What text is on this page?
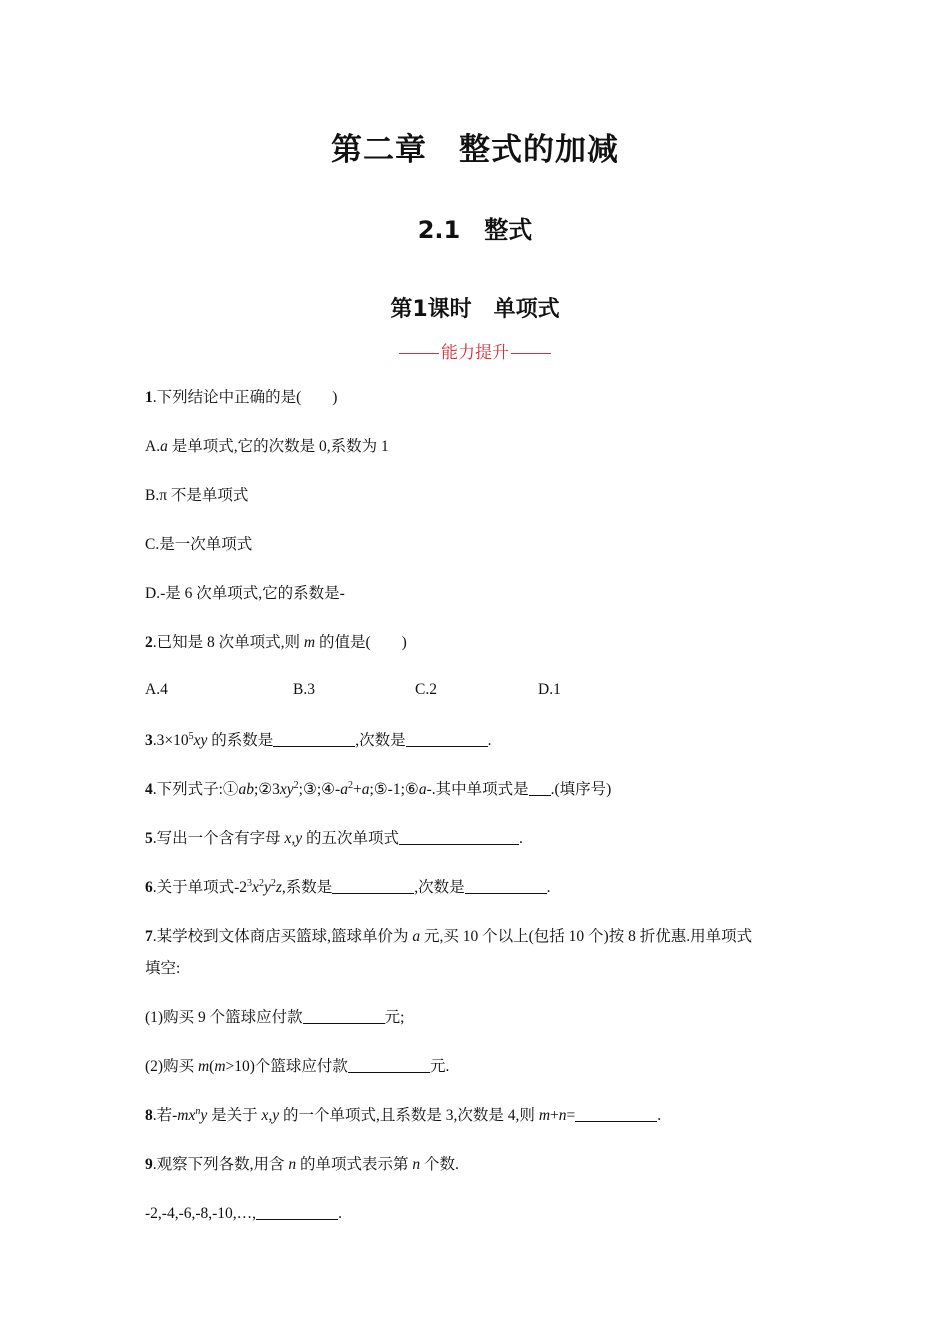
第二章　整式的加减
2.1　整式
第1课时　单项式
能力提升
1.下列结论中正确的是(　　)
A.a 是单项式,它的次数是 0,系数为 1
B.π 不是单项式
C.是一次单项式
D.-是 6 次单项式,它的系数是-
2.已知是 8 次单项式,则 m 的值是(　　)
A.4	B.3	C.2	D.1
$3.3\times 10^5xy$ 的系数是	,次数是	.
4.下列式子$:①ab;②3xy^2;③;④-a^2+a;⑤-1;⑥a-$.其中单项式是 .(填序号)
5.写出一个含有字母 x,y 的五次单项式	.
6.关于单项式$-2^3x^2y^2z$,系数是	,次数是	.
7.某学校到文体商店买篮球,篮球单价为 a 元,买 10 个以上(包括 10 个)按 8 折优惠.用单项式
填空:
(1)购买 9 个篮球应付款	元;
(2)购买 m(m>10)个篮球应付款	元.
8.若$-mx^ny$ 是关于 x,y 的一个单项式,且系数是 3,次数是 4,则 m+n=	.
9.观察下列各数,用含 n 的单项式表示第 n 个数.
-2,-4,-6,-8,-10,…,	.
